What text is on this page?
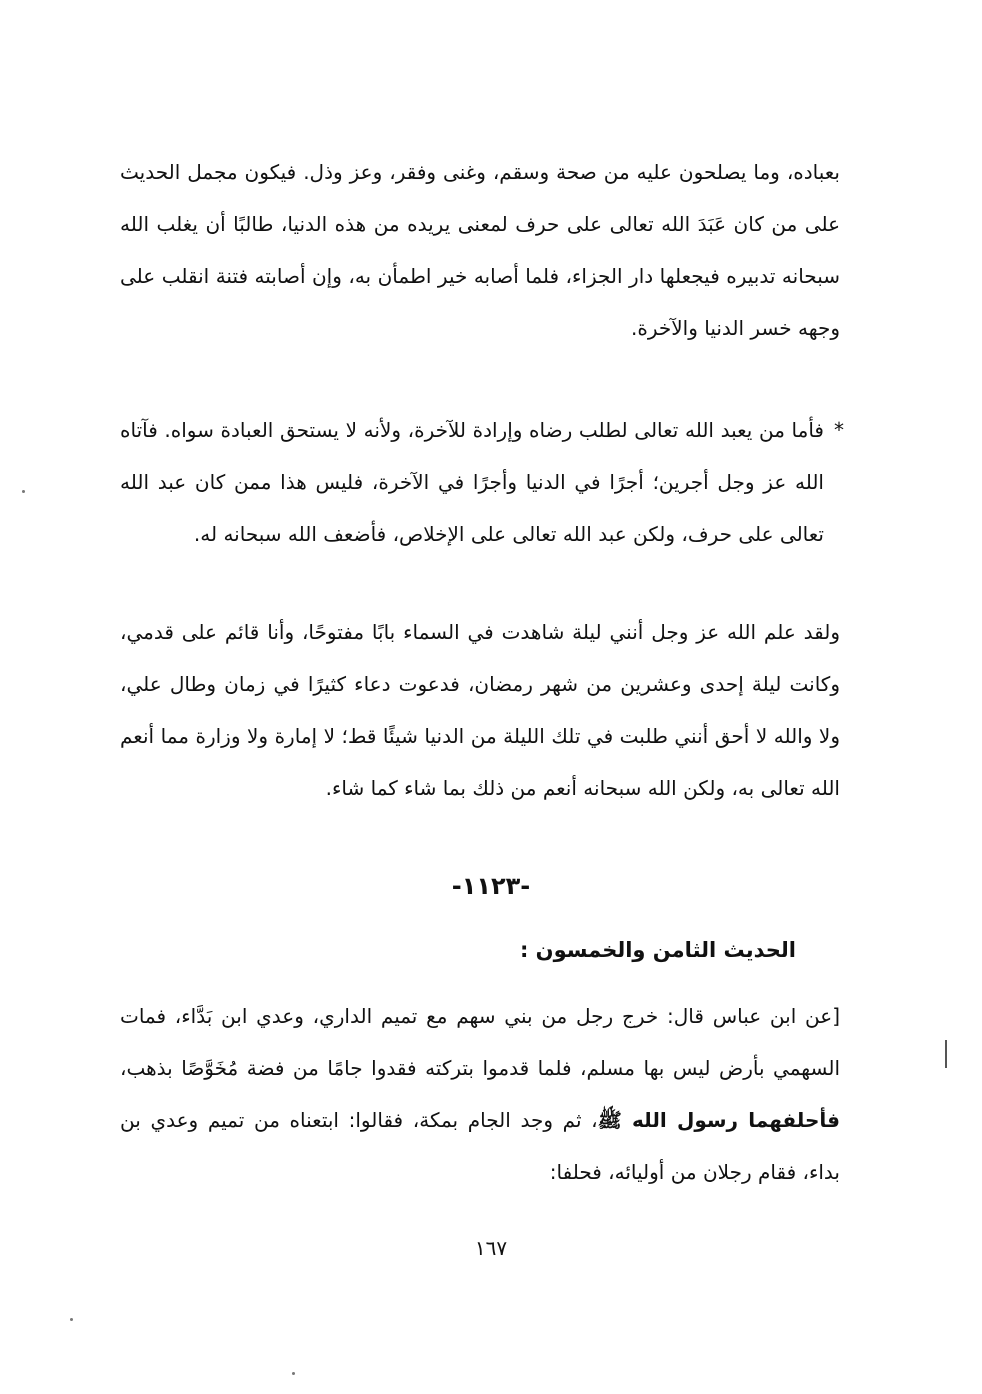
بعباده، وما يصلحون عليه من صحة وسقم، وغنى وفقر، وعز وذل. فيكون مجمل الحديث على من كان عَبَدَ الله تعالى على حرف لمعنى يريده من هذه الدنيا، طالبًا أن يغلب الله سبحانه تدبيره فيجعلها دار الجزاء، فلما أصابه خير اطمأن به، وإن أصابته فتنة انقلب على وجهه خسر الدنيا والآخرة.

*

فأما من يعبد الله تعالى لطلب رضاه وإرادة للآخرة، ولأنه لا يستحق العبادة سواه. فآتاه الله عز وجل أجرين؛ أجرًا في الدنيا وأجرًا في الآخرة، فليس هذا ممن كان عبد الله تعالى على حرف، ولكن عبد الله تعالى على الإخلاص، فأضعف الله سبحانه له.

ولقد علم الله عز وجل أنني ليلة شاهدت في السماء بابًا مفتوحًا، وأنا قائم على قدمي، وكانت ليلة إحدى وعشرين من شهر رمضان، فدعوت دعاء كثيرًا في زمان وطال علي، ولا والله لا أحق أنني طلبت في تلك الليلة من الدنيا شيئًا قط؛ لا إمارة ولا وزارة مما أنعم الله تعالى به، ولكن الله سبحانه أنعم من ذلك بما شاء كما شاء.

-١١٢٣-
الحديث الثامن والخمسون :

[عن ابن عباس قال: خرج رجل من بني سهم مع تميم الداري، وعدي ابن بَدَّاء، فمات السهمي بأرض ليس بها مسلم، فلما قدموا بتركته فقدوا جامًا من فضة مُخَوَّصًا بذهب، فأحلفهما رسول الله ﷺ، ثم وجد الجام بمكة، فقالوا: ابتعناه من تميم وعدي بن بداء، فقام رجلان من أوليائه، فحلفا:

١٦٧
